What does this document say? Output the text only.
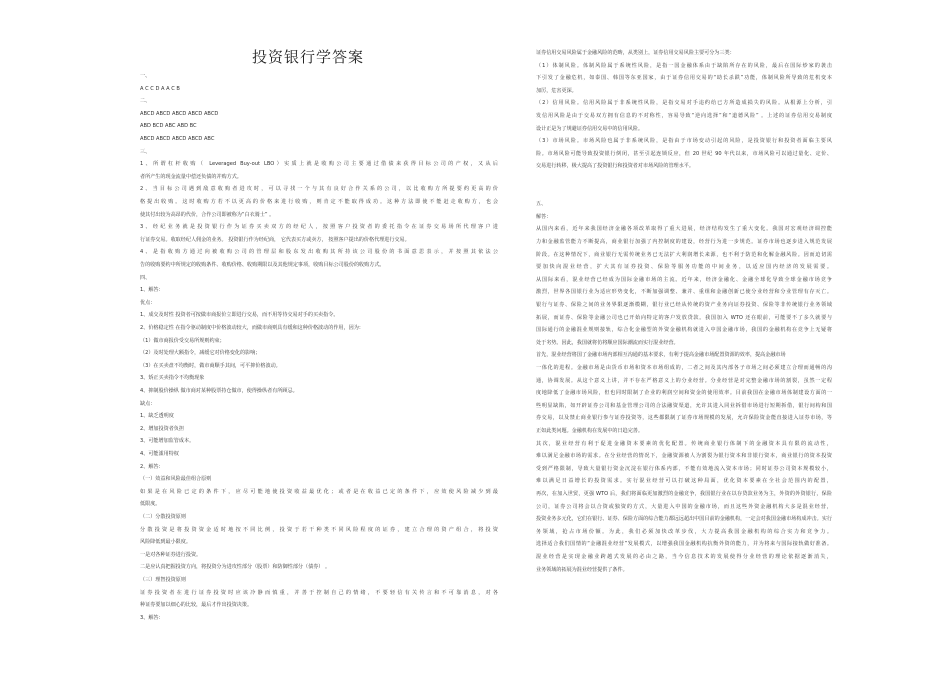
投资银行学答案
一、
A C C D A A C B
二、
ABCD ABCD ABCD ABCD ABCD
ABD BCD ABC ABD BC
ABCD ABCD ABCD ABCD ABC
三、
1、所谓杠杆收购（ Leveraged Buy-out LBO）实质上就是收购公司主要通过借债来获得目标公司的产权，又从后
者所产生的现金流量中偿还负债的并购方式。
2、当目标公司遇到敌意收购者进攻时，可以寻找一个与其有良好合作关系的公司，以比收购方所提要约更高的价
格提出收购。这时收购方若不以更高的价格来进行收购，则肯定不能取得成功。这种方法即使不能赶走收购方，也会
使其付出较为高昂的代价，合作公司即被称为“白衣骑士” 。
3、经纪业务就是投资银行作为证券买卖双方的经纪人，按照客户投资者的委托指令在证券交易场所代理客户进
行证券交易。收取经纪人佣金的业务。 投资银行作为经纪商， 它代表买方或卖方， 按照客户提出的价格代理进行交易。
4、是指收购方通过向被收购公司的管理层和股东发出收购其所持该公司股份的书面意思表示，并按照其依法公
告的收购要约中所规定的收购条件、收购价格、收购期限以及其他规定事项，收购目标公司股份的收购方式。
四、
1、解答：
优点：
1、成交及时性 投资者可按做市商报价立即进行交易，而不用等待交易对手的买卖指令。
2、价格稳定性 在指令驱动制度中价格波动较大，而做市商则具有缓和这种价格波动的作用，因为：
（1）做市商报价受交易所规则约束；
（2）及时处理大额指令，减缓它对价格变化的影响；
（3）在买卖盘不均衡时，做市商顺手其间，可平抑价格波动。
3、矫正买卖指令不均衡现象
4、抑制股价操纵 做市商对某种股票持仓做市，使得操纵者有所顾忌。
缺点：
1、缺乏透明度
2、增加投资者负担
3、可能增加监管成本。
4、可能滥用特权
2、解答：
（一）效益和风险最佳组合原则
如果是在风险已定的条件下，应尽可能地使投资收益最优化；或者是在收益已定的条件下，应效使风险减少到最
低限度。
（二）分散投资原则
分散投资是将投资资金适时地按不同比例，投资于若干种类不同风险程度的证券，建立合理的资产组合，将投资
风险降低到最小限度。
一是对各种证券进行投资。
二是应认真把握投资方向，将投资分为进攻性部分（股票）和防御性部分（债券） 。
（三）理智投资原则
证券投资者在进行证券投资时应该冷静而慎重，并善于控制自己的情绪，不要轻信有关传言和不可靠消息，对各
种证券要加以细心的比较，最后才作出投资决策。
3、解答：
证券信用交易风险属于金融风险的范畴，从类别上，证券信用交易风险主要可分为三类：
（1）体制风险。体制风险属于系统性风险，是指一国金融体系由于缺陷所存在的风险，最后在国际炒家的袭击
下引发了金融危机，如泰国、韩国等东亚国家，由于证券信用交易的“助长杀跌”功能，体制风险所导致的危机变本
加厉，危害更深。
（2）信用风险。信用风险属于非系统性风险，是指交易对手违约给已方所造成损失的风险。从根源上分析，引
发信用风险是由于交易双方拥有信息的不对称性，容易导致“逆向选择”和“道德风险” 。上述的证券信用交易制度
设计正是为了规避证券信用交易中的信用风险。
（3）市场风险。市场风险也属于非系统风险，是指由于市场变动引起的风险，是投资银行和投资者面临主要风
险。市场风险可能导致投资银行倒闭，甚至引起连锁反应，但 20 世纪 90 年代以来，市场风险可以通过量化、定价、
交易进行转移，极大提高了投资银行和投资者对市场风险的管理水平。
五、
解答：
从国内来看，近年来我国经济金融各项改革取得了重大进展，经济结构发生了重大变化。我国对宏观经济调控能
力和金融监管能力不断提高，商业银行加强了内控制度的建设，经营行为进一步规范。证券市场也逐步进入规范发展
阶段。在这种情况下，商业银行无需传统业务已无法扩大利润增长来源，也不利于防范和化解金融风险。因而迫切需
要加快向混业经营，扩大其有证券投资、保险等服务功能的中间业务，以适应国内经济的发展需要。
从国际来看，混业经营已经成为国际金融市场的主流。近年来，经济金融化、金融全球化导致全球金融市场竞争
激烈，世界各国银行业为适应形势变化，不断加强调整、兼并、重组和金融创新已使分业经营和分业管理有存灭亡。
银行与证券、保险之间的业务界限逐渐模糊，银行业已经从传统的资产业务向证券投资、保险等非传统银行业务领域
拓展，而证券、保险等金融公司也已开始向特定的客户发放贷款。我国加入 WTO 还在眼前，可能要不了多久就要与
国际通行的金融混业规则接轨，综合化金融型的外资金融机构就进入中国金融市场，我国的金融机构在竞争上无疑将
处于劣势。因此，我国就将仿将顺应国际潮流而实行混业经营。
首先，混业经营将国了金融市场内部相互沟通的基本要求，有利于提高金融市场配置资源的效率，提高金融市场
一体化的进程。金融市场是由货币市场和资本市场组成的，二者之间及其内部各子市场之间必须建立合理而通畅的沟
通，协调发展。从这个意义上讲，并不存在严格意义上的分业经营。分业经营是对完整金融市场的割裂，虽然一定程
度地降低了金融市场风险，但也同时限制了企业的利润空间和资金的使用效率。目前我国在金融市场体制建设方面的一
些明显缺陷，如开辟证券公司和基金管理公司的合法融资渠道，允许其进入同业拆借市场进行短期拆借，银行间构和国
券交易，以及禁止商业银行参与证券投资等，这些都限制了证券市场规模的发展，允许保险资金能直接进入证券市场，等
正如此类问题。金融机构在发展中的日趋完善。
其次，混业经营有利于促进金融资本要素的优化配置。传统商业银行体制下的金融资本具有限的流动性，
难以满足金融市场的需求。在分业经营的情况下，金融资源被人为割裂为银行资本和非银行资本，商业银行的资本投资
受到严格限制，导致大量银行资金沉淀在银行体系内部，不能有效地流入资本市场；同时证券公司资本规模较小，
难以满足日益增长的投资需求。实行混业经营可以打破这种局面，优化资本要素在全社会范围内的配置，
再次，在加入世贸，更强 WTO 后，我们将面临更加激烈的金融竞争，我国银行业在以存贷款业务为主，外资的外资银行，保险
公司，证券公司将会以合资或独资的方式，大量进入中国的金融市场，而且这些外资金融机构大多是混业经营，
投资业务多元化，它们在银行、证券、保险方面的综合能力都远远超出中国目前的金融机构，一定会对我国金融市场构成冲击。实行
务领域，抢占市场份额。为此，我们必须加快改革步伐，大力提高我国金融机构的综合实力和竞争力。
选择适合我们国情的“金融混业经营”发展模式，以增强我国金融机构抗衡外资的能力，并为将来与国际接轨做好准备。
混业经营是实现金融业跨越式发展的必由之路，当今信息技术的发展使得分业经营的理论依据逐渐消失，
业务领域的拓展为混业经营提供了条件。
